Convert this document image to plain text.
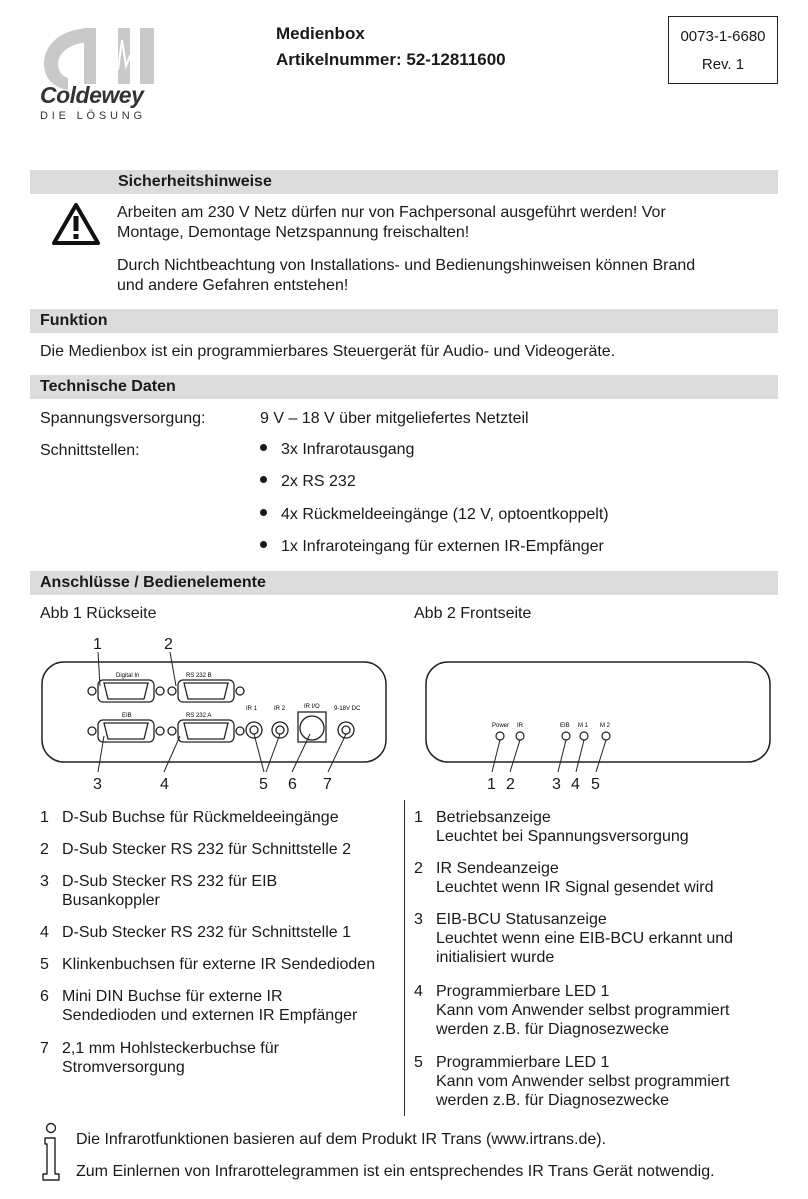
Coldewey
DIE LÖSUNG
Medienbox
Artikelnummer: 52-12811600
0073-1-6680
Rev. 1
Sicherheitshinweise
Arbeiten am 230 V Netz dürfen nur von Fachpersonal ausgeführt werden! Vor
Montage, Demontage Netzspannung freischalten!
Durch Nichtbeachtung von Installations- und Bedienungshinweisen können Brand
und andere Gefahren entstehen!
Funktion
Die Medienbox ist ein programmierbares Steuergerät für Audio- und Videogeräte.
Technische Daten
Spannungsversorgung:	9 V – 18 V über mitgeliefertes Netzteil
Schnittstellen:	3x Infrarotausgang
2x RS 232
4x Rückmeldeeingänge (12 V, optoentkoppelt)
1x Infraroteingang für externen IR-Empfänger
Anschlüsse / Bedienelemente
Abb 1 Rückseite	Abb 2 Frontseite
Digital In	RS 232 B
EIB	RS 232 A
IR 1	IR 2	IR I/O 9-18V DC
1	2
3	4	5 6 7
Power IR	EIB M 1 M 2
1 2 3 4 5
1 D-Sub Buchse für Rückmeldeeingänge
2 D-Sub Stecker RS 232 für Schnittstelle 2
3 D-Sub Stecker RS 232 für EIB
Busankoppler
4 D-Sub Stecker RS 232 für Schnittstelle 1
5 Klinkenbuchsen für externe IR Sendedioden
6 Mini DIN Buchse für externe IR
Sendedioden und externen IR Empfänger
7 2,1 mm Hohlsteckerbuchse für
Stromversorgung
1 Betriebsanzeige
Leuchtet bei Spannungsversorgung
2 IR Sendeanzeige
Leuchtet wenn IR Signal gesendet wird
3 EIB-BCU Statusanzeige
Leuchtet wenn eine EIB-BCU erkannt und
initialisiert wurde
4 Programmierbare LED 1
Kann vom Anwender selbst programmiert
werden z.B. für Diagnosezwecke
5 Programmierbare LED 1
Kann vom Anwender selbst programmiert
werden z.B. für Diagnosezwecke
Die Infrarotfunktionen basieren auf dem Produkt IR Trans (www.irtrans.de).
Zum Einlernen von Infrarottelegrammen ist ein entsprechendes IR Trans Gerät notwendig.
